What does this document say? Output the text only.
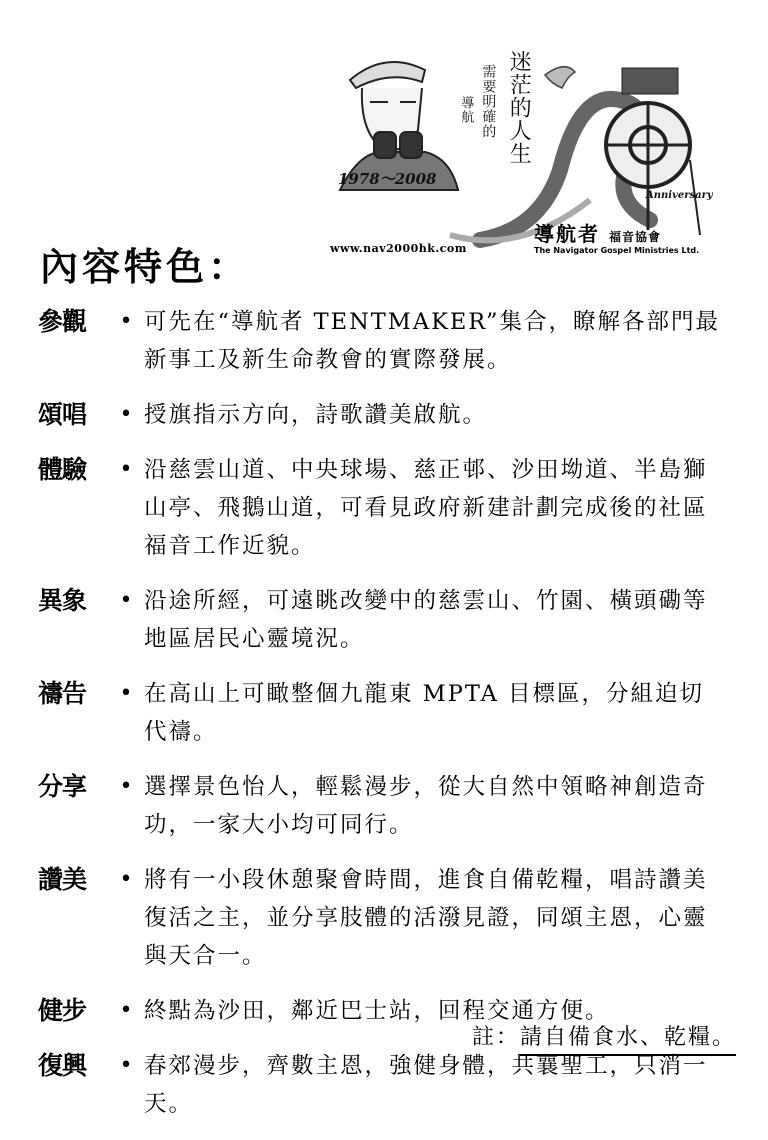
迷茫的人生
需要明確的
導航
1978～2008
Anniversary
www.nav2000hk.com
導航者 福音協會
The Navigator Gospel Ministries Ltd.
內容特色：
參觀	• 可先在“導航者 TENTMAKER”集合，瞭解各部門最新事工及新生命教會的實際發展。
頌唱	• 授旗指示方向，詩歌讚美啟航。
體驗	• 沿慈雲山道、中央球場、慈正邨、沙田坳道、半島獅山亭、飛鵝山道，可看見政府新建計劃完成後的社區福音工作近貌。
異象	• 沿途所經，可遠眺改變中的慈雲山、竹園、橫頭磡等地區居民心靈境況。
禱告	• 在高山上可瞰整個九龍東 MPTA 目標區，分組迫切代禱。
分享	• 選擇景色怡人，輕鬆漫步，從大自然中領略神創造奇功，一家大小均可同行。
讚美	• 將有一小段休憩聚會時間，進食自備乾糧，唱詩讚美復活之主，並分享肢體的活潑見證，同頌主恩，心靈與天合一。
健步	• 終點為沙田，鄰近巴士站，回程交通方便。
復興	• 春郊漫步，齊數主恩，強健身體，共襄聖工，只消一天。
註：請自備食水、乾糧。
